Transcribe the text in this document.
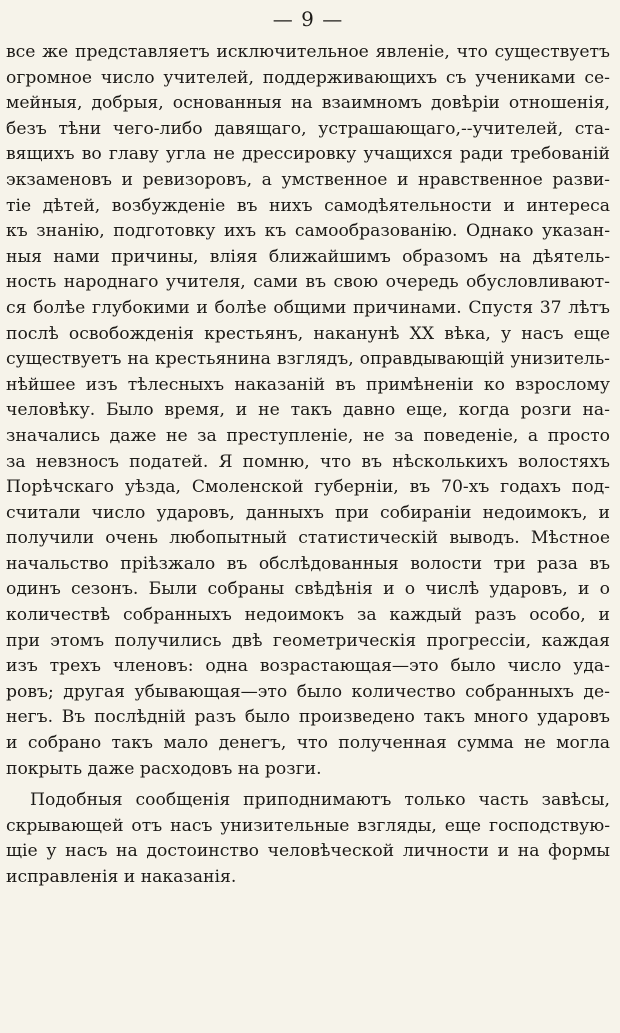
— 9 —
все же представляетъ исключительное явленіе, что существуетъ
огромное число учителей, поддерживающихъ съ учениками се-
мейныя, добрыя, основанныя на взаимномъ довѣріи отношенія,
безъ тѣни чего-либо давящаго, устрашающаго,--учителей, ста-
вящихъ во главу угла не дрессировку учащихся ради требованій
экзаменовъ и ревизоровъ, а умственное и нравственное разви-
тіе дѣтей, возбужденіе въ нихъ самодѣятельности и интереса
къ знанію, подготовку ихъ къ самообразованію. Однако указан-
ныя нами причины, вліяя ближайшимъ образомъ на дѣятель-
ность народнаго учителя, сами въ свою очередь обусловливают-
ся болѣе глубокими и болѣе общими причинами. Спустя 37 лѣтъ
послѣ освобожденія крестьянъ, наканунѣ XX вѣка, у насъ еще
существуетъ на крестьянина взглядъ, оправдывающій унизитель-
нѣйшее изъ тѣлесныхъ наказаній въ примѣненіи ко взрослому
человѣку. Было время, и не такъ давно еще, когда розги на-
значались даже не за преступленіе, не за поведеніе, а просто
за невзносъ податей. Я помню, что въ нѣсколькихъ волостяхъ
Порѣчскаго уѣзда, Смоленской губерніи, въ 70-хъ годахъ под-
считали число ударовъ, данныхъ при собираніи недоимокъ, и
получили очень любопытный статистическій выводъ. Мѣстное
начальство пріѣзжало въ обслѣдованныя волости три раза въ
одинъ сезонъ. Были собраны свѣдѣнія и о числѣ ударовъ, и о
количествѣ собранныхъ недоимокъ за каждый разъ особо, и
при этомъ получились двѣ геометрическія прогрессіи, каждая
изъ трехъ членовъ: одна возрастающая—это было число уда-
ровъ; другая убывающая—это было количество собранныхъ де-
негъ. Въ послѣдній разъ было произведено такъ много ударовъ
и собрано такъ мало денегъ, что полученная сумма не могла
покрыть даже расходовъ на розги.
Подобныя сообщенія приподнимаютъ только часть завѣсы,
скрывающей отъ насъ унизительные взгляды, еще господствую-
щіе у насъ на достоинство человѣческой личности и на формы
исправленія и наказанія.
